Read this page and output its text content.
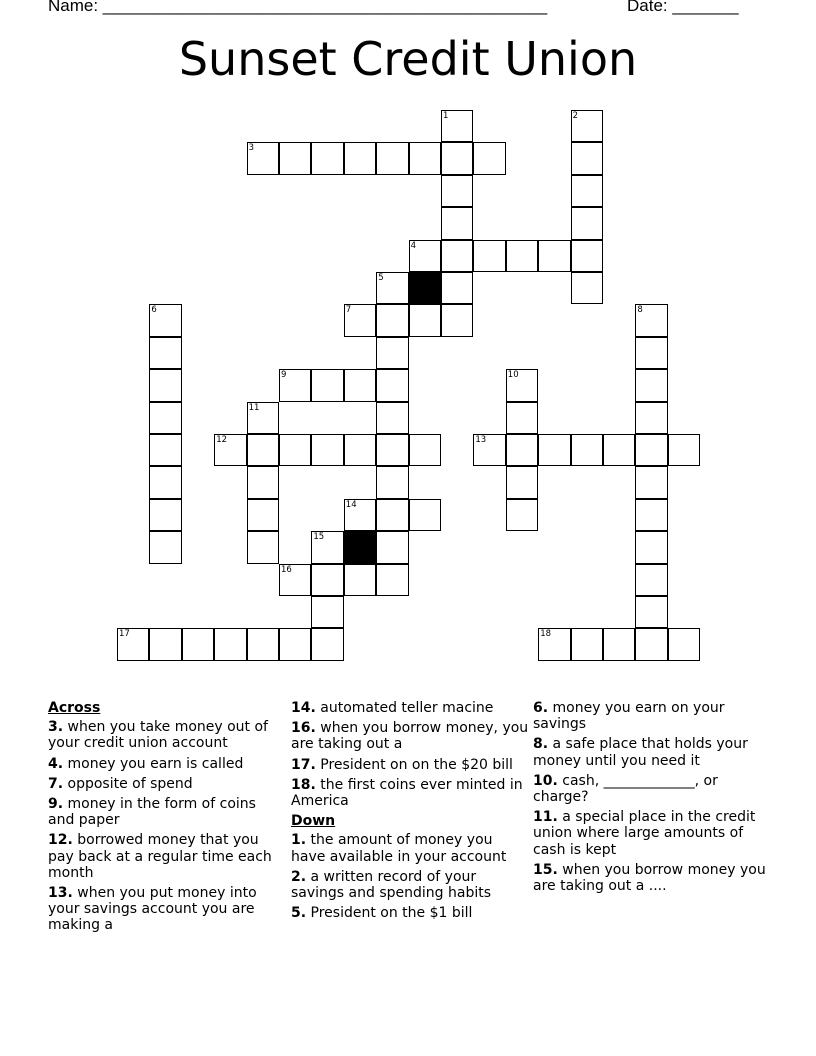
Name: _______________________________________________	Date: _______
Sunset Credit Union
1	2
3
4
5
6	7	8
9	10
11
12	13
14
15
16
17	18
Across
3. when you take money out of your credit union account
4. money you earn is called
7. opposite of spend
9. money in the form of coins and paper
12. borrowed money that you pay back at a regular time each month
13. when you put money into your savings account you are making a
14. automated teller macine
16. when you borrow money, you are taking out a
17. President on on the $20 bill
18. the first coins ever minted in America
Down
1. the amount of money you have available in your account
2. a written record of your savings and spending habits
5. President on the $1 bill
6. money you earn on your savings
8. a safe place that holds your money until you need it
10. cash, _____________, or charge?
11. a special place in the credit union where large amounts of cash is kept
15. when you borrow money you are taking out a ....
